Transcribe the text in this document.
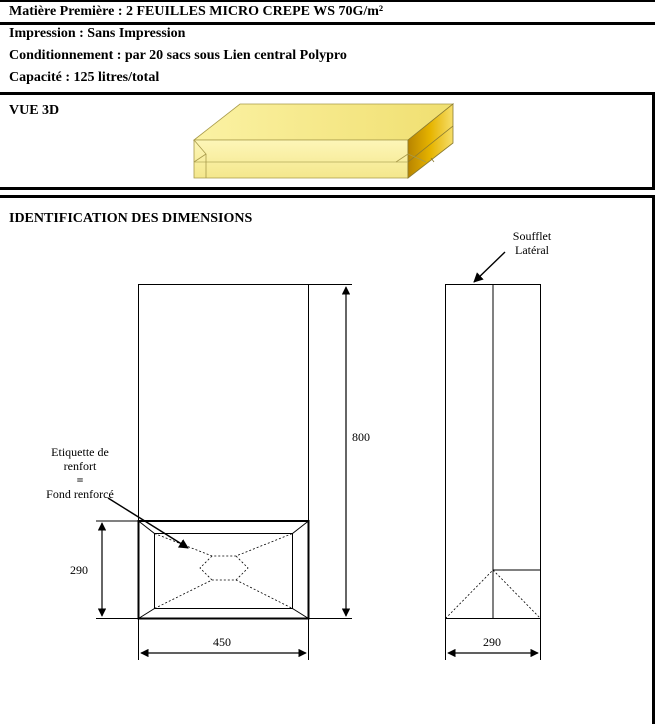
Matière Première : 2 FEUILLES MICRO CREPE WS 70G/m²
Impression : Sans Impression
Conditionnement : par 20 sacs sous Lien central Polypro
Capacité : 125 litres/total
VUE 3D
IDENTIFICATION DES DIMENSIONS
800
290
450	290
Etiquette de
renfort
=
Fond renforcé
Soufflet
Latéral
